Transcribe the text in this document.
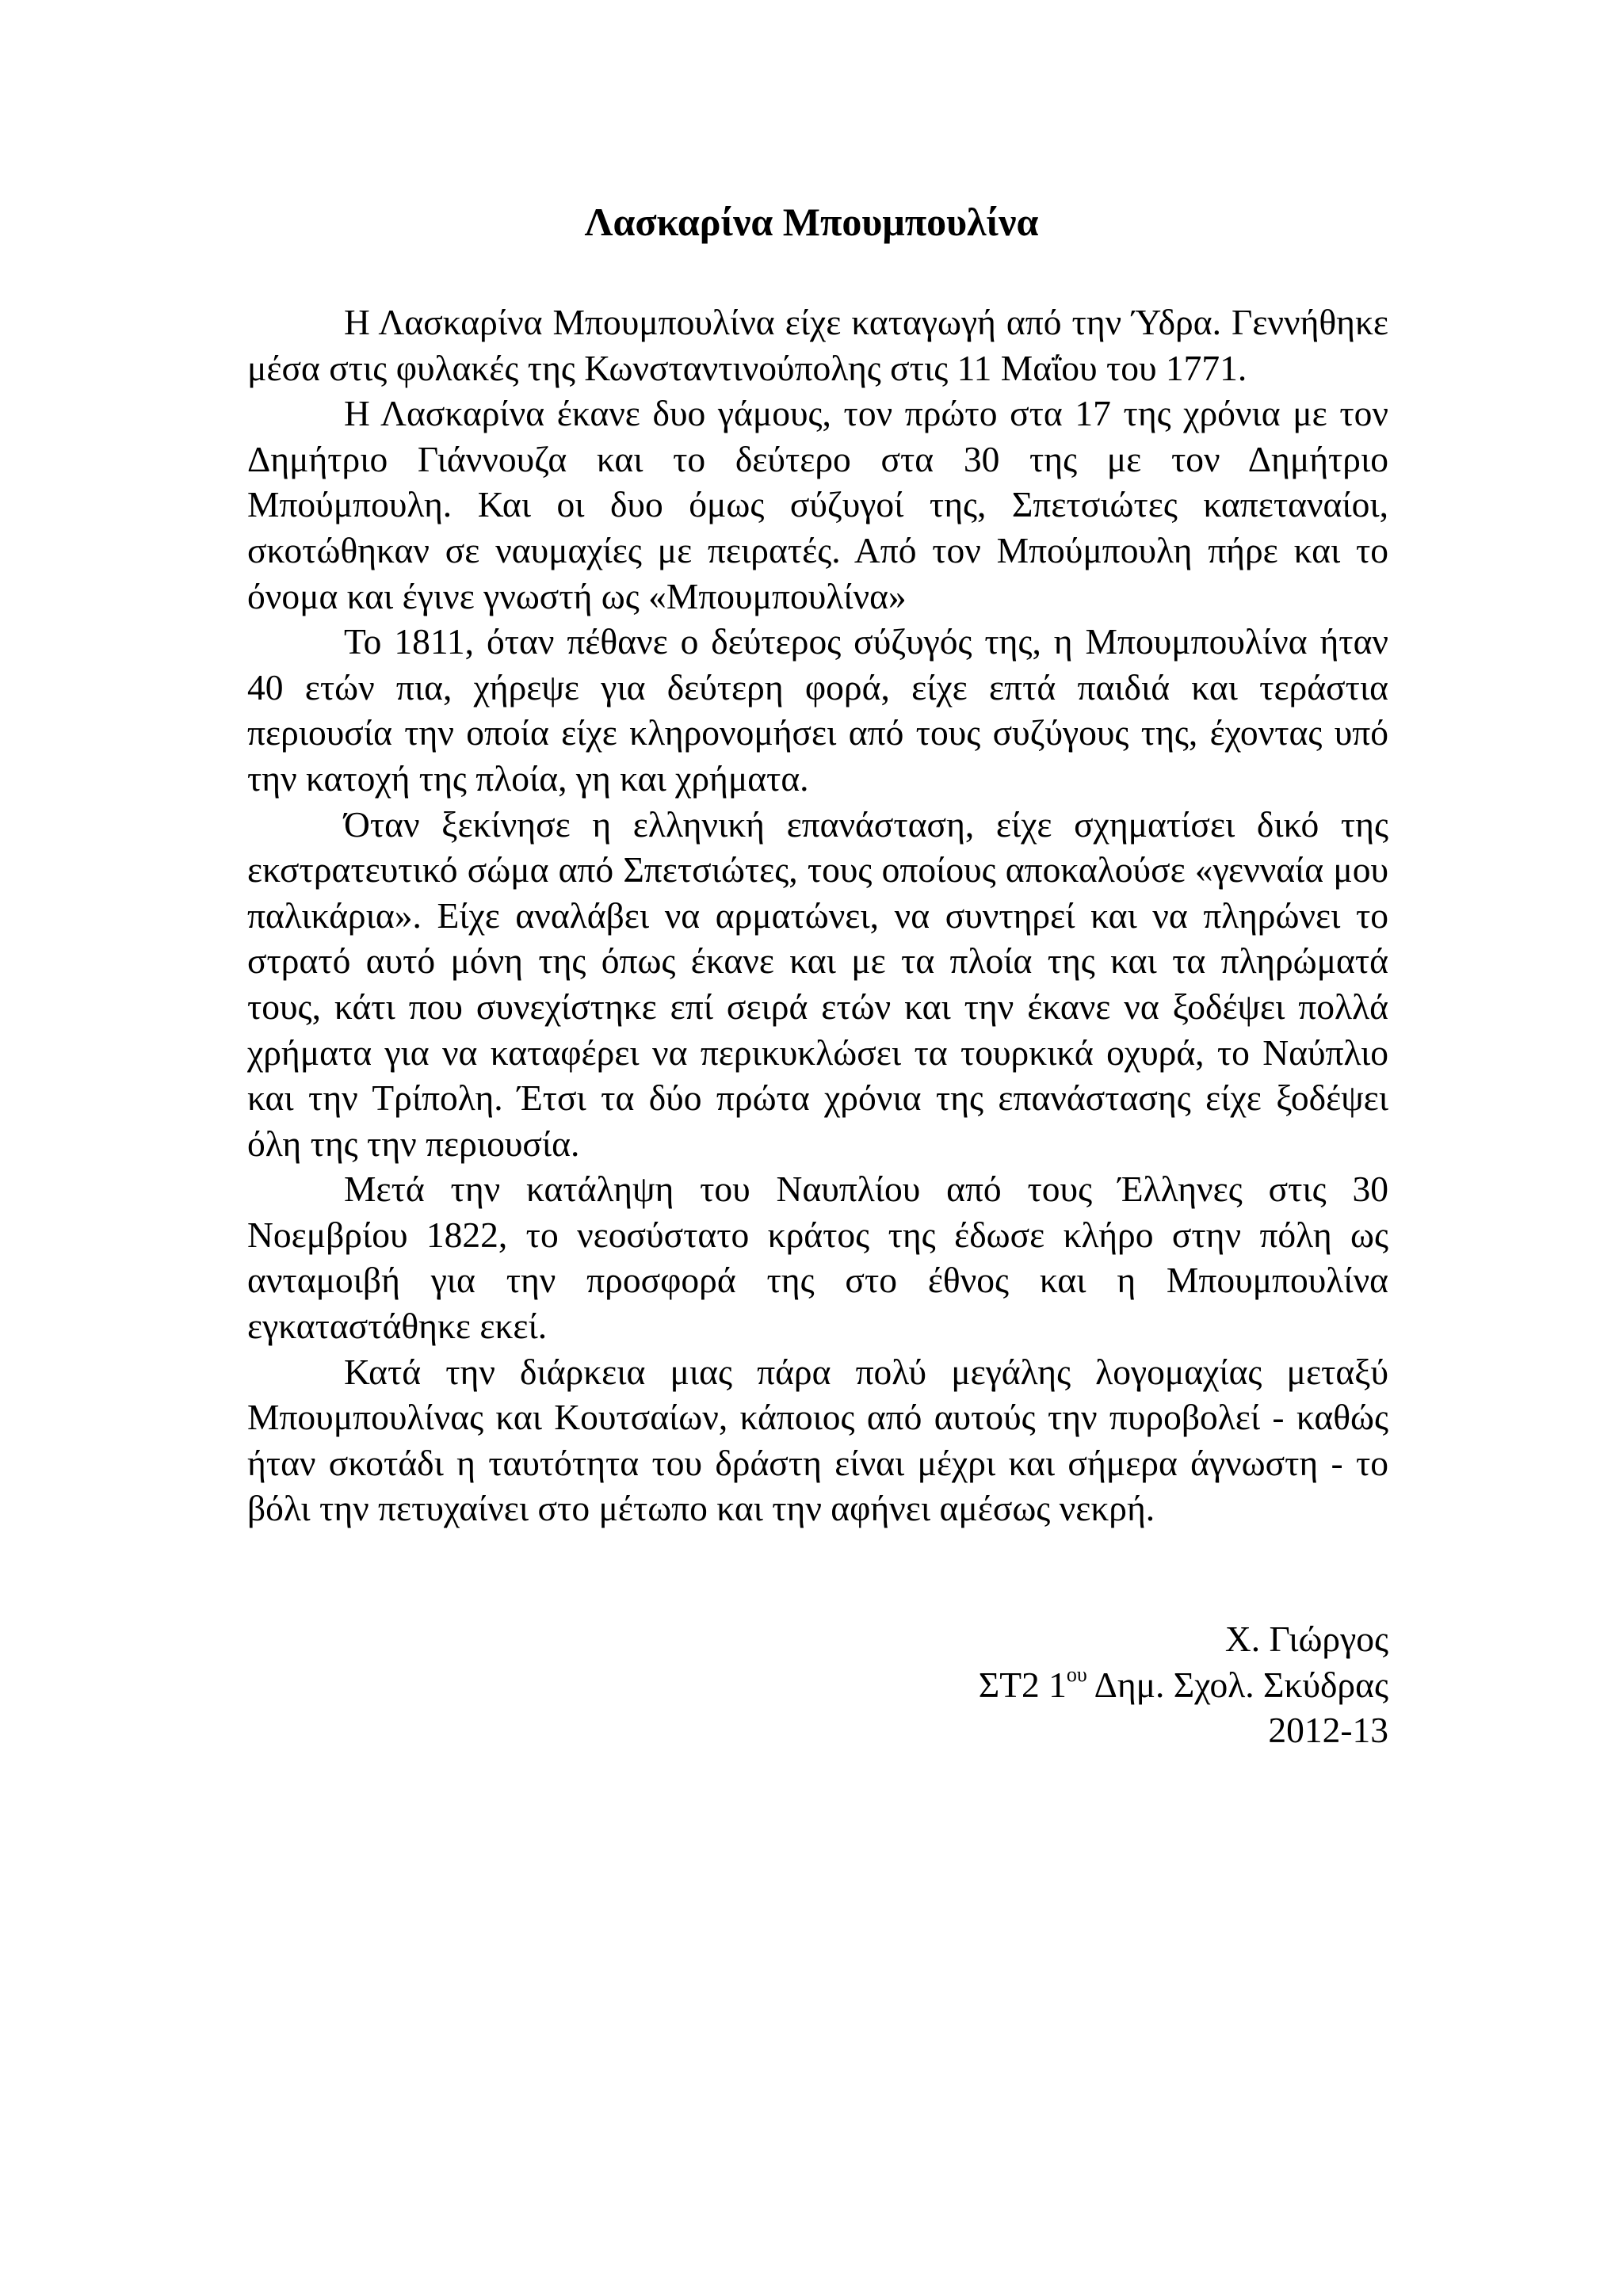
Λασκαρίνα Μπουμπουλίνα

Η Λασκαρίνα Μπουμπουλίνα είχε καταγωγή από την Ύδρα. Γεννήθηκε μέσα στις φυλακές της Κωνσταντινούπολης στις 11 Μαΐου του 1771.

Η Λασκαρίνα έκανε δυο γάμους, τον πρώτο στα 17 της χρόνια με τον Δημήτριο Γιάννουζα και το δεύτερο στα 30 της με τον Δημήτριο Μπούμπουλη. Και οι δυο όμως σύζυγοί της, Σπετσιώτες καπεταναίοι, σκοτώθηκαν σε ναυμαχίες με πειρατές. Από τον Μπούμπουλη πήρε και το όνομα και έγινε γνωστή ως «Μπουμπουλίνα»

Το 1811, όταν πέθανε ο δεύτερος σύζυγός της, η Μπουμπουλίνα ήταν 40 ετών πια, χήρεψε για δεύτερη φορά, είχε επτά παιδιά και τεράστια περιουσία την οποία είχε κληρονομήσει από τους συζύγους της, έχοντας υπό την κατοχή της πλοία, γη και χρήματα.

Όταν ξεκίνησε η ελληνική επανάσταση, είχε σχηματίσει δικό της εκστρατευτικό σώμα από Σπετσιώτες, τους οποίους αποκαλούσε «γενναία μου παλικάρια». Είχε αναλάβει να αρματώνει, να συντηρεί και να πληρώνει το στρατό αυτό μόνη της όπως έκανε και με τα πλοία της και τα πληρώματά τους, κάτι που συνεχίστηκε επί σειρά ετών και την έκανε να ξοδέψει πολλά χρήματα για να καταφέρει να περικυκλώσει τα τουρκικά οχυρά, το Ναύπλιο και την Τρίπολη. Έτσι τα δύο πρώτα χρόνια της επανάστασης είχε ξοδέψει όλη της την περιουσία.

Μετά την κατάληψη του Ναυπλίου από τους Έλληνες στις 30 Νοεμβρίου 1822, το νεοσύστατο κράτος της έδωσε κλήρο στην πόλη ως ανταμοιβή για την προσφορά της στο έθνος και η Μπουμπουλίνα εγκαταστάθηκε εκεί.

Κατά την διάρκεια μιας πάρα πολύ μεγάλης λογομαχίας μεταξύ Μπουμπουλίνας και Κουτσαίων, κάποιος από αυτούς την πυροβολεί - καθώς ήταν σκοτάδι η ταυτότητα του δράστη είναι μέχρι και σήμερα άγνωστη - το βόλι την πετυχαίνει στο μέτωπο και την αφήνει αμέσως νεκρή.

Χ. Γιώργος
ΣΤ2 $1^{o\upsilon}$ Δημ. Σχολ. Σκύδρας
2012-13
